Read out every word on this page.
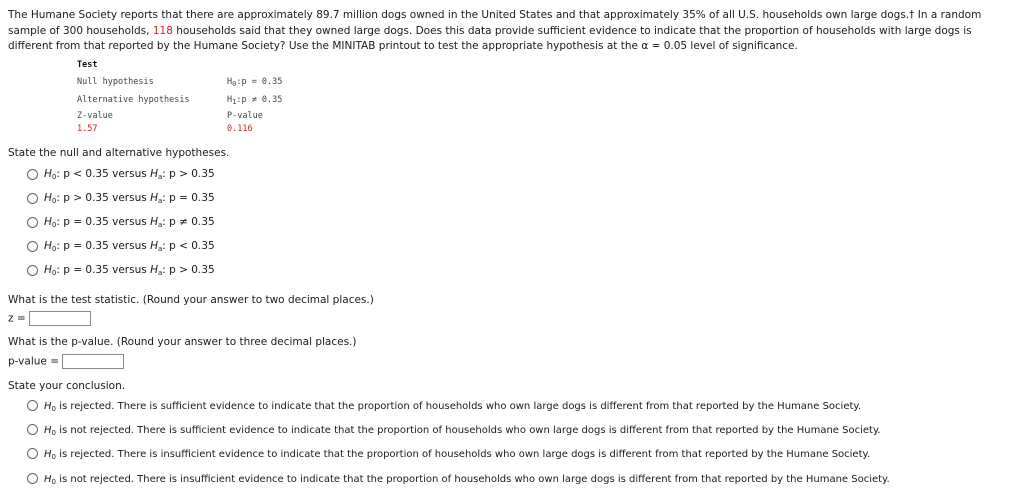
The Humane Society reports that there are approximately 89.7 million dogs owned in the United States and that approximately 35% of all U.S. households own large dogs.† In a random sample of 300 households, 118 households said that they owned large dogs. Does this data provide sufficient evidence to indicate that the proportion of households with large dogs is different from that reported by the Humane Society? Use the MINITAB printout to test the appropriate hypothesis at the α = 0.05 level of significance.
Test
Null hypothesis	$H_0:p = 0.35$
Alternative hypothesis	$H_1:p \ne 0.35$
Z-value	P-value
1.57	0.116
State the null and alternative hypotheses.
$H_0$: p < 0.35 versus $H_a$: p > 0.35
$H_0$: p > 0.35 versus $H_a$: p = 0.35
$H_0$: p = 0.35 versus $H_a$: p ≠ 0.35
$H_0$: p = 0.35 versus $H_a$: p < 0.35
$H_0$: p = 0.35 versus $H_a$: p > 0.35
What is the test statistic. (Round your answer to two decimal places.)
z =
What is the p-value. (Round your answer to three decimal places.)
p-value =
State your conclusion.
$H_0$ is rejected. There is sufficient evidence to indicate that the proportion of households who own large dogs is different from that reported by the Humane Society.
$H_0$ is not rejected. There is sufficient evidence to indicate that the proportion of households who own large dogs is different from that reported by the Humane Society.
$H_0$ is rejected. There is insufficient evidence to indicate that the proportion of households who own large dogs is different from that reported by the Humane Society.
$H_0$ is not rejected. There is insufficient evidence to indicate that the proportion of households who own large dogs is different from that reported by the Humane Society.
